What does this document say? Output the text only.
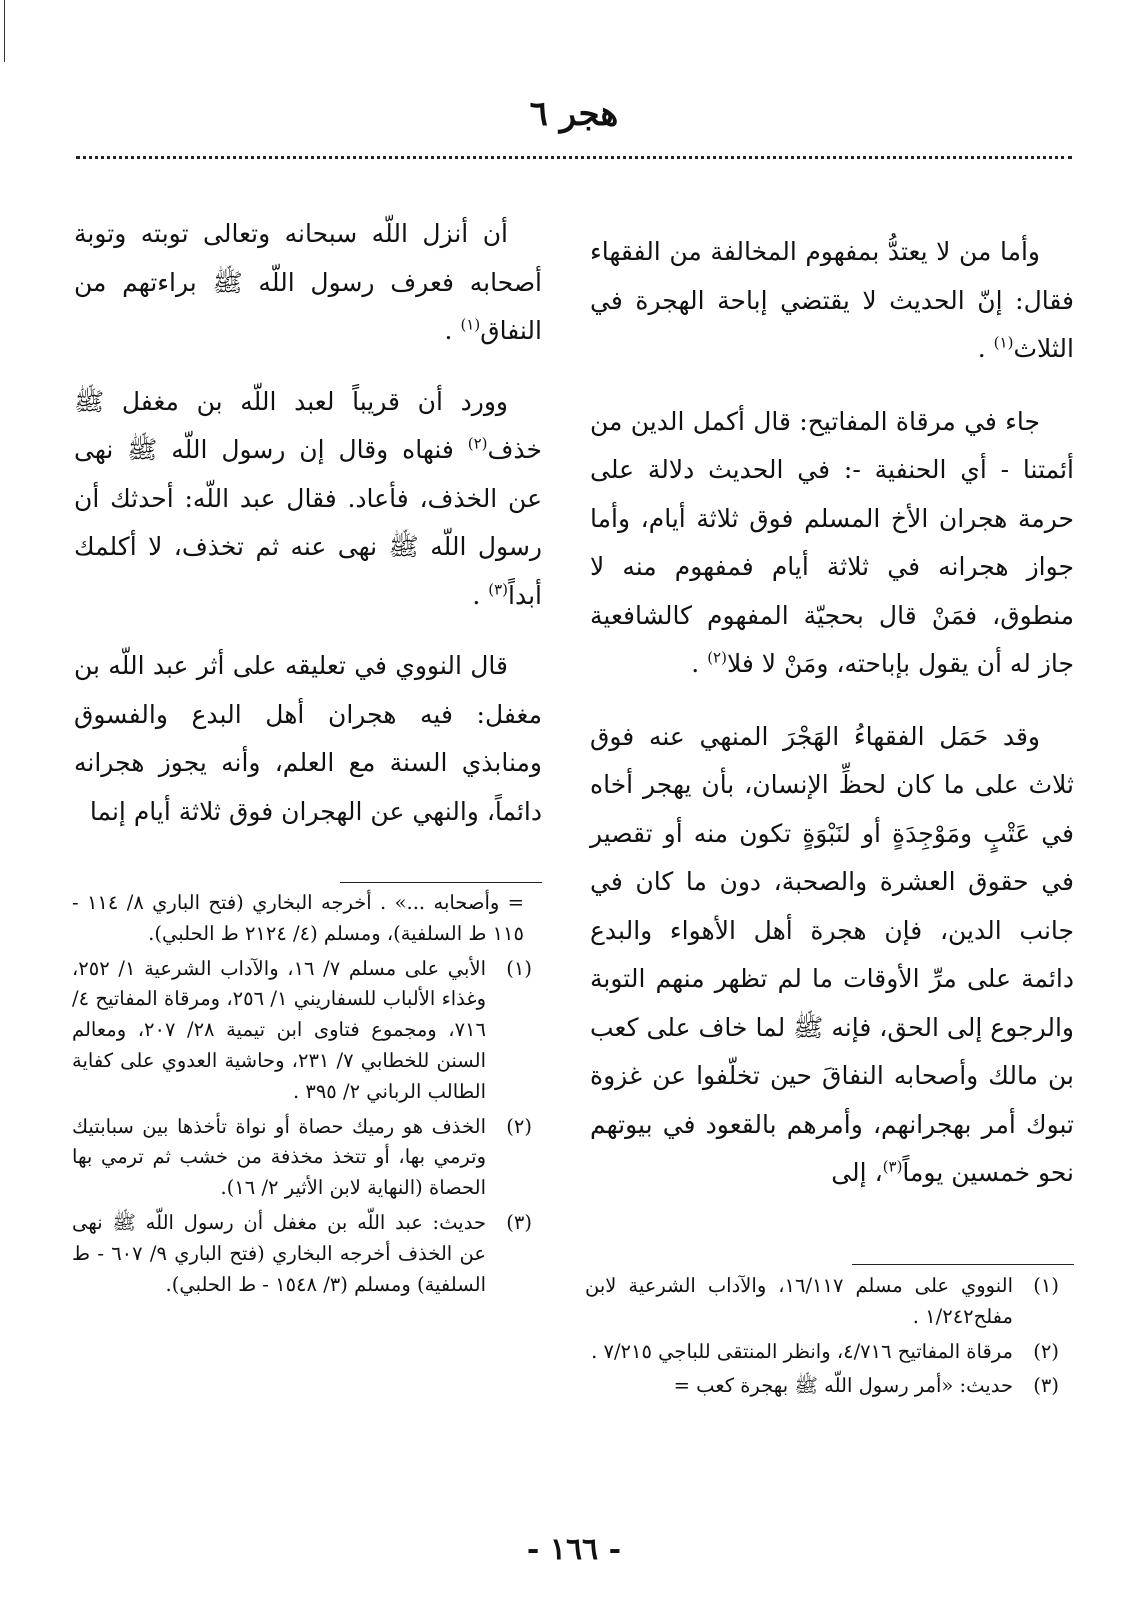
هجر ٦

وأما من لا يعتدُّ بمفهوم المخالفة من الفقهاء فقال: إنّ الحديث لا يقتضي إباحة الهجرة في الثلاث$^{(١)}$ .

جاء في مرقاة المفاتيح: قال أكمل الدين من أئمتنا - أي الحنفية -: في الحديث دلالة على حرمة هجران الأخ المسلم فوق ثلاثة أيام، وأما جواز هجرانه في ثلاثة أيام فمفهوم منه لا منطوق، فمَنْ قال بحجيّة المفهوم كالشافعية جاز له أن يقول بإباحته، ومَنْ لا فلا$^{(٢)}$ .

وقد حَمَل الفقهاءُ الهَجْرَ المنهي عنه فوق ثلاث على ما كان لحظِّ الإنسان، بأن يهجر أخاه في عَتْبٍ ومَوْجِدَةٍ أو لنَبْوَةٍ تكون منه أو تقصير في حقوق العشرة والصحبة، دون ما كان في جانب الدين، فإن هجرة أهل الأهواء والبدع دائمة على مرِّ الأوقات ما لم تظهر منهم التوبة والرجوع إلى الحق، فإنه ﷺ لما خاف على كعب بن مالك وأصحابه النفاقَ حين تخلّفوا عن غزوة تبوك أمر بهجرانهم، وأمرهم بالقعود في بيوتهم نحو خمسين يوماً$^{(٣)}$، إلى

أن أنزل اللّه سبحانه وتعالى توبته وتوبة أصحابه فعرف رسول اللّه ﷺ براءتهم من النفاق$^{(١)}$ .

وورد أن قريباً لعبد اللّه بن مغفل ﷺ خذف$^{(٢)}$ فنهاه وقال إن رسول اللّه ﷺ نهى عن الخذف، فأعاد. فقال عبد اللّه: أحدثك أن رسول اللّه ﷺ نهى عنه ثم تخذف، لا أكلمك أبداً$^{(٣)}$ .

قال النووي في تعليقه على أثر عبد اللّه بن مغفل: فيه هجران أهل البدع والفسوق ومنابذي السنة مع العلم، وأنه يجوز هجرانه دائماً، والنهي عن الهجران فوق ثلاثة أيام إنما

(١)
النووي على مسلم ١٦/١١٧، والآداب الشرعية لابن مفلح١/٢٤٢ .
(٢)
مرقاة المفاتيح ٤/٧١٦، وانظر المنتقى للباجي ٧/٢١٥ .
(٣)
حديث: «أمر رسول اللّه ﷺ بهجرة كعب =
= وأصحابه ...» . أخرجه البخاري (فتح الباري ٨/ ١١٤ - ١١٥ ط السلفية)، ومسلم (٤/ ٢١٢٤ ط الحلبي).
(١)
الأبي على مسلم ٧/ ١٦، والآداب الشرعية ١/ ٢٥٢، وغذاء الألباب للسفاريني ١/ ٢٥٦، ومرقاة المفاتيح ٤/ ٧١٦، ومجموع فتاوى ابن تيمية ٢٨/ ٢٠٧، ومعالم السنن للخطابي ٧/ ٢٣١، وحاشية العدوي على كفاية الطالب الرباني ٢/ ٣٩٥ .
(٢)
الخذف هو رميك حصاة أو نواة تأخذها بين سبابتيك وترمي بها، أو تتخذ مخذفة من خشب ثم ترمي بها الحصاة (النهاية لابن الأثير ٢/ ١٦).
(٣)
حديث: عبد اللّه بن مغفل أن رسول اللّه ﷺ نهى عن الخذف أخرجه البخاري (فتح الباري ٩/ ٦٠٧ - ط السلفية) ومسلم (٣/ ١٥٤٨ - ط الحلبي).
- ١٦٦ -
